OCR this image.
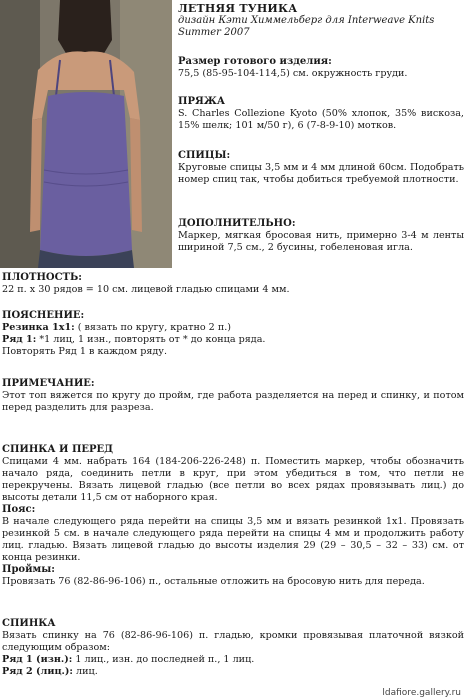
ЛЕТНЯЯ ТУНИКА
дизайн Кэти Химмельберг для Interweave Knits
Summer 2007

Размер готового изделия:

75,5 (85-95-104-114,5) см. окружность груди.

ПРЯЖА

S. Charles Collezione Kyoto (50% хлопок, 35% вискоза, 15% шелк; 101 м/50 г), 6 (7-8-9-10) мотков.

СПИЦЫ:

Круговые спицы 3,5 мм и 4 мм длиной 60см. Подобрать номер спиц так, чтобы добиться требуемой плотности.

ДОПОЛНИТЕЛЬНО:

Маркер, мягкая бросовая нить, примерно 3-4 м ленты шириной 7,5 см., 2 бусины, гобеленовая игла.

ПЛОТНОСТЬ:

22 п. х 30 рядов = 10 см. лицевой гладью спицами 4 мм.

ПОЯСНЕНИЕ:

Резинка 1х1: ( вязать по кругу, кратно 2 п.)

Ряд 1: *1 лиц, 1 изн., повторять от * до конца ряда.

Повторять Ряд 1 в каждом ряду.

ПРИМЕЧАНИЕ:

Этот топ вяжется по кругу до пройм, где работа разделяется на перед и спинку, и потом перед разделить для разреза.

СПИНКА И ПЕРЕД

Спицами 4 мм. набрать 164 (184-206-226-248) п. Поместить маркер, чтобы обозначить начало ряда, соединить петли в круг, при этом убедиться в том, что петли не перекручены. Вязать лицевой гладью (все петли во всех рядах провязывать лиц.) до высоты детали 11,5 см от наборного края.

Пояс:

В начале следующего ряда перейти на спицы 3,5 мм и вязать резинкой 1х1. Провязать резинкой 5 см. в начале следующего ряда перейти на спицы 4 мм и продолжить работу лиц. гладью. Вязать лицевой гладью до высоты изделия 29 (29 – 30,5 – 32 – 33) см. от конца резинки.

Проймы:

Провязать 76 (82-86-96-106) п., остальные отложить на бросовую нить для переда.

СПИНКА

Вязать спинку на 76 (82-86-96-106) п. гладью, кромки провязывая платочной вязкой следующим образом:

Ряд 1 (изн.): 1 лиц., изн. до последней п., 1 лиц.

Ряд 2 (лиц.): лиц.

ldafiore.gallery.ru
